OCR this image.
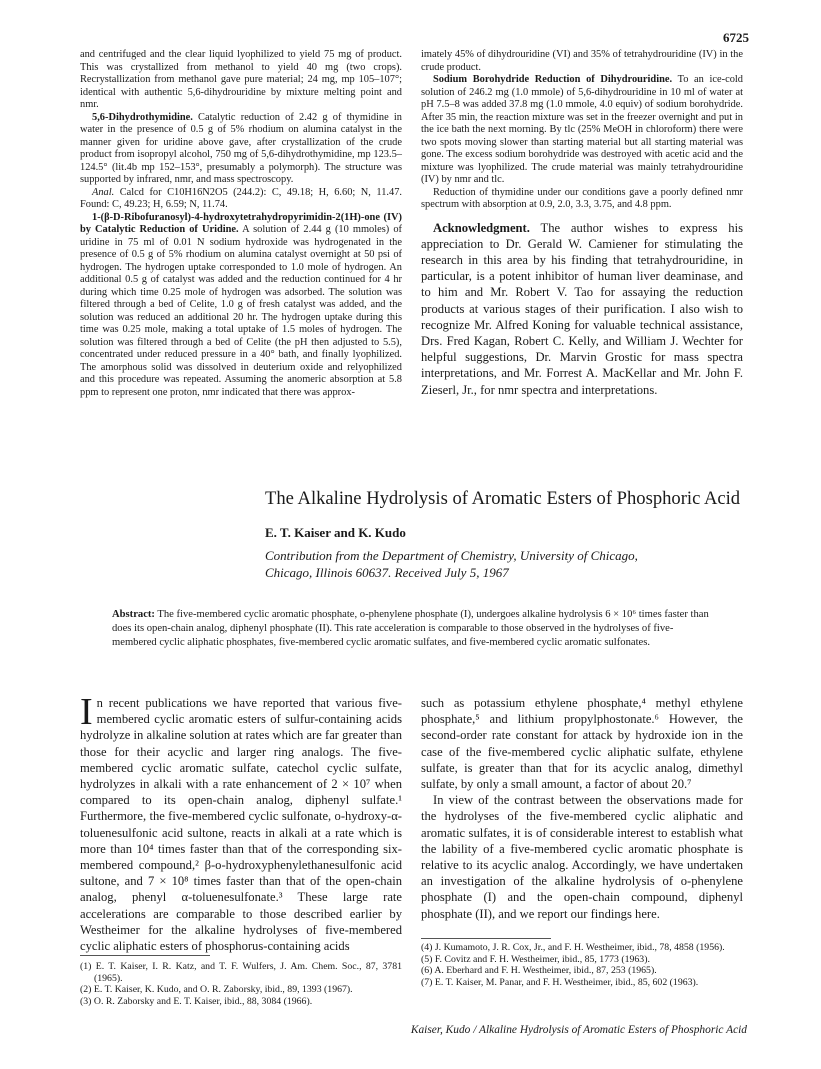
6725

and centrifuged and the clear liquid lyophilized to yield 75 mg of product. This was crystallized from methanol to yield 40 mg (two crops). Recrystallization from methanol gave pure material; 24 mg, mp 105–107°; identical with authentic 5,6-dihydrouridine by mixture melting point and nmr.

5,6-Dihydrothymidine. Catalytic reduction of 2.42 g of thymidine in water in the presence of 0.5 g of 5% rhodium on alumina catalyst in the manner given for uridine above gave, after crystallization of the crude product from isopropyl alcohol, 750 mg of 5,6-dihydrothymidine, mp 123.5–124.5° (lit.4b mp 152–153°, presumably a polymorph). The structure was supported by infrared, nmr, and mass spectroscopy.

Anal. Calcd for C10H16N2O5 (244.2): C, 49.18; H, 6.60; N, 11.47. Found: C, 49.23; H, 6.59; N, 11.74.

1-(β-D-Ribofuranosyl)-4-hydroxytetrahydropyrimidin-2(1H)-one (IV) by Catalytic Reduction of Uridine. A solution of 2.44 g (10 mmoles) of uridine in 75 ml of 0.01 N sodium hydroxide was hydrogenated in the presence of 0.5 g of 5% rhodium on alumina catalyst overnight at 50 psi of hydrogen. The hydrogen uptake corresponded to 1.0 mole of hydrogen. An additional 0.5 g of catalyst was added and the reduction continued for 4 hr during which time 0.25 mole of hydrogen was adsorbed. The solution was filtered through a bed of Celite, 1.0 g of fresh catalyst was added, and the solution was reduced an additional 20 hr. The hydrogen uptake during this time was 0.25 mole, making a total uptake of 1.5 moles of hydrogen. The solution was filtered through a bed of Celite (the pH then adjusted to 5.5), concentrated under reduced pressure in a 40° bath, and finally lyophilized. The amorphous solid was dissolved in deuterium oxide and relyophilized and this procedure was repeated. Assuming the anomeric absorption at 5.8 ppm to represent one proton, nmr indicated that there was approx-

imately 45% of dihydrouridine (VI) and 35% of tetrahydrouridine (IV) in the crude product.

Sodium Borohydride Reduction of Dihydrouridine. To an ice-cold solution of 246.2 mg (1.0 mmole) of 5,6-dihydrouridine in 10 ml of water at pH 7.5–8 was added 37.8 mg (1.0 mmole, 4.0 equiv) of sodium borohydride. After 35 min, the reaction mixture was set in the freezer overnight and put in the ice bath the next morning. By tlc (25% MeOH in chloroform) there were two spots moving slower than starting material but all starting material was gone. The excess sodium borohydride was destroyed with acetic acid and the mixture was lyophilized. The crude material was mainly tetrahydrouridine (IV) by nmr and tlc.

Reduction of thymidine under our conditions gave a poorly defined nmr spectrum with absorption at 0.9, 2.0, 3.3, 3.75, and 4.8 ppm.

Acknowledgment. The author wishes to express his appreciation to Dr. Gerald W. Camiener for stimulating the research in this area by his finding that tetrahydrouridine, in particular, is a potent inhibitor of human liver deaminase, and to him and Mr. Robert V. Tao for assaying the reduction products at various stages of their purification. I also wish to recognize Mr. Alfred Koning for valuable technical assistance, Drs. Fred Kagan, Robert C. Kelly, and William J. Wechter for helpful suggestions, Dr. Marvin Grostic for mass spectra interpretations, and Mr. Forrest A. MacKellar and Mr. John F. Zieserl, Jr., for nmr spectra and interpretations.

The Alkaline Hydrolysis of Aromatic Esters of Phosphoric Acid
E. T. Kaiser and K. Kudo
Contribution from the Department of Chemistry, University of Chicago,
Chicago, Illinois 60637. Received July 5, 1967
Abstract: The five-membered cyclic aromatic phosphate, o-phenylene phosphate (I), undergoes alkaline hydrolysis 6 × 10⁶ times faster than does its open-chain analog, diphenyl phosphate (II). This rate acceleration is comparable to those observed in the hydrolyses of five-membered cyclic aliphatic phosphates, five-membered cyclic aromatic sulfates, and five-membered cyclic aromatic sulfonates.

In recent publications we have reported that various five-membered cyclic aromatic esters of sulfur-containing acids hydrolyze in alkaline solution at rates which are far greater than those for their acyclic and larger ring analogs. The five-membered cyclic aromatic sulfate, catechol cyclic sulfate, hydrolyzes in alkali with a rate enhancement of 2 × 10⁷ when compared to its open-chain analog, diphenyl sulfate.¹ Furthermore, the five-membered cyclic sulfonate, o-hydroxy-α-toluenesulfonic acid sultone, reacts in alkali at a rate which is more than 10⁴ times faster than that of the corresponding six-membered compound,² β-o-hydroxyphenylethanesulfonic acid sultone, and 7 × 10⁸ times faster than that of the open-chain analog, phenyl α-toluenesulfonate.³ These large rate accelerations are comparable to those described earlier by Westheimer for the alkaline hydrolyses of five-membered cyclic aliphatic esters of phosphorus-containing acids

such as potassium ethylene phosphate,⁴ methyl ethylene phosphate,⁵ and lithium propylphostonate.⁶ However, the second-order rate constant for attack by hydroxide ion in the case of the five-membered cyclic aliphatic sulfate, ethylene sulfate, is greater than that for its acyclic analog, dimethyl sulfate, by only a small amount, a factor of about 20.⁷

In view of the contrast between the observations made for the hydrolyses of the five-membered cyclic aliphatic and aromatic sulfates, it is of considerable interest to establish what the lability of a five-membered cyclic aromatic phosphate is relative to its acyclic analog. Accordingly, we have undertaken an investigation of the alkaline hydrolysis of o-phenylene phosphate (I) and the open-chain compound, diphenyl phosphate (II), and we report our findings here.

(1) E. T. Kaiser, I. R. Katz, and T. F. Wulfers, J. Am. Chem. Soc., 87, 3781 (1965).

(2) E. T. Kaiser, K. Kudo, and O. R. Zaborsky, ibid., 89, 1393 (1967).

(3) O. R. Zaborsky and E. T. Kaiser, ibid., 88, 3084 (1966).

(4) J. Kumamoto, J. R. Cox, Jr., and F. H. Westheimer, ibid., 78, 4858 (1956).

(5) F. Covitz and F. H. Westheimer, ibid., 85, 1773 (1963).

(6) A. Eberhard and F. H. Westheimer, ibid., 87, 253 (1965).

(7) E. T. Kaiser, M. Panar, and F. H. Westheimer, ibid., 85, 602 (1963).

Kaiser, Kudo / Alkaline Hydrolysis of Aromatic Esters of Phosphoric Acid
